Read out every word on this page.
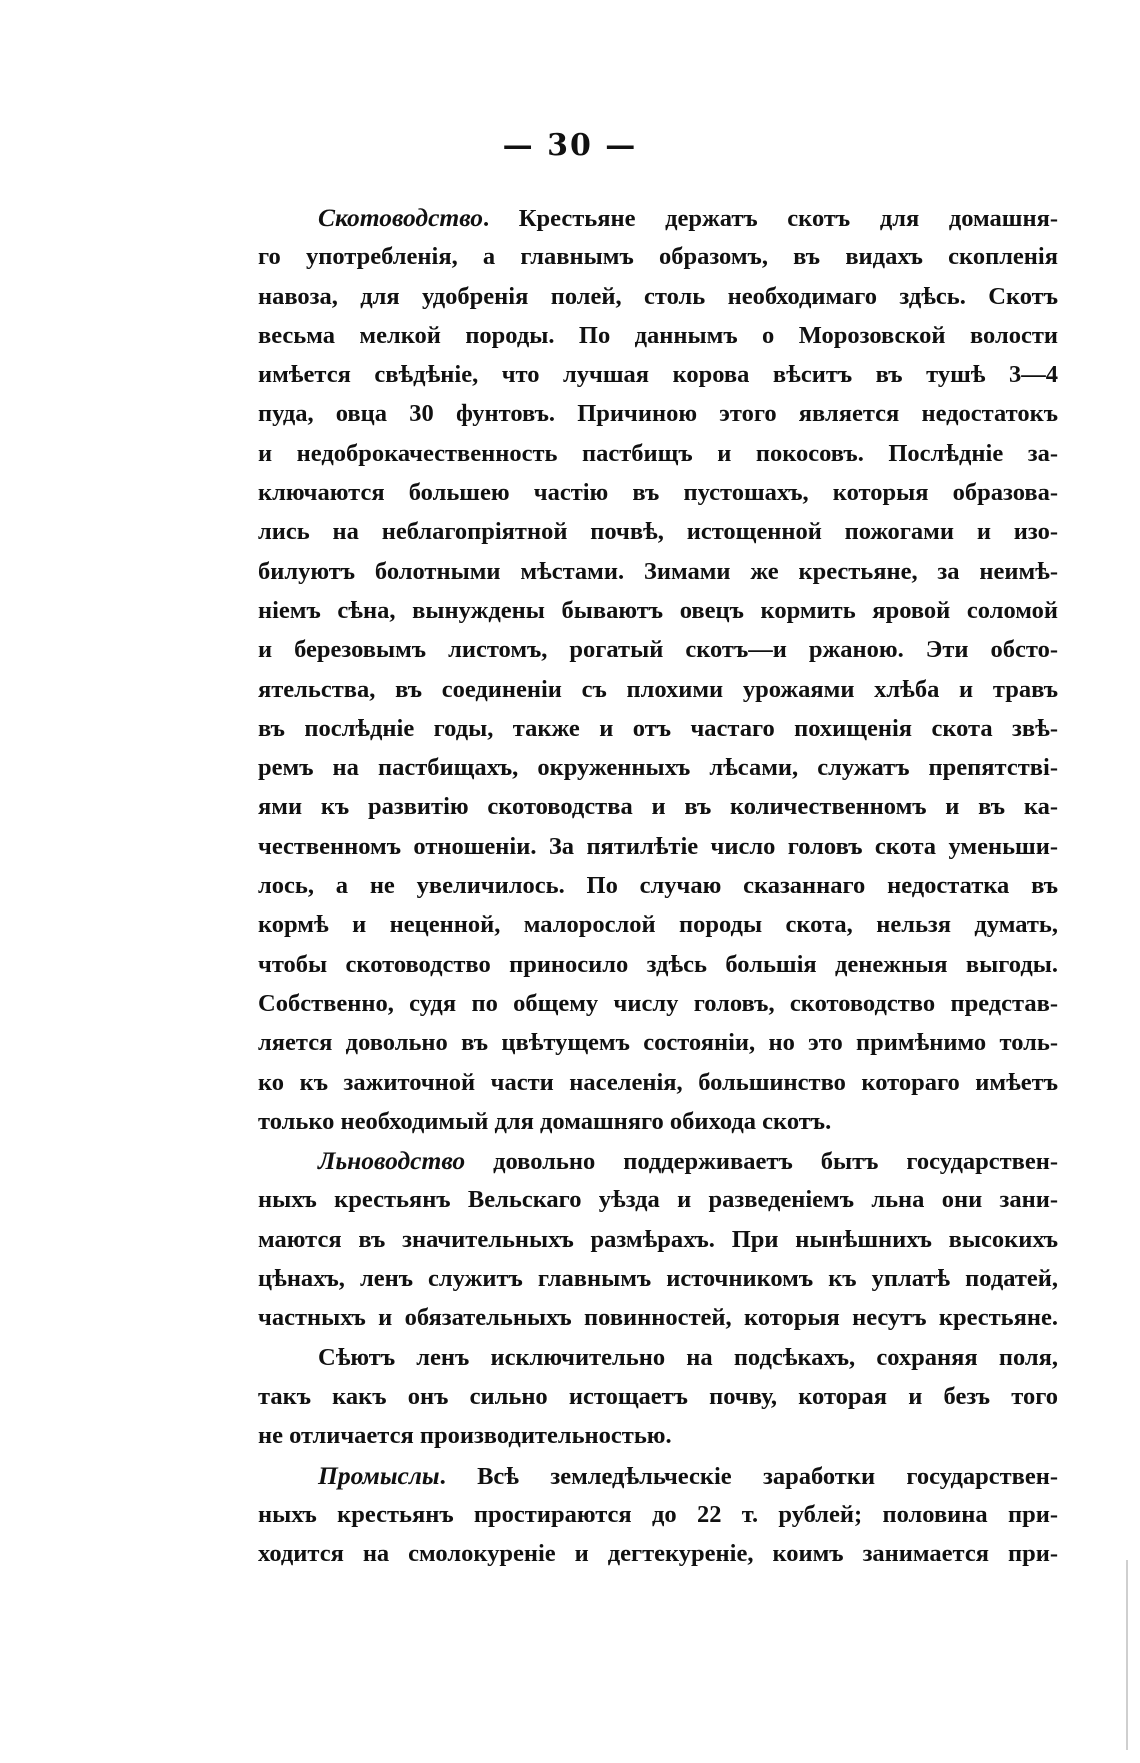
— 30 —
Скотоводство. Крестьяне держатъ скотъ для домашня-
го употребленія, а главнымъ образомъ, въ видахъ скопленія
навоза, для удобренія полей, столь необходимаго здѣсь. Скотъ
весьма мелкой породы. По даннымъ о Морозовской волости
имѣется свѣдѣніе, что лучшая корова вѣситъ въ тушѣ 3—4
пуда, овца 30 фунтовъ. Причиною этого является недостатокъ
и недоброкачественность пастбищъ и покосовъ. Послѣдніе за-
ключаются большею частію въ пустошахъ, которыя образова-
лись на неблагопріятной почвѣ, истощенной пожогами и изо-
билуютъ болотными мѣстами. Зимами же крестьяне, за неимѣ-
ніемъ сѣна, вынуждены бываютъ овецъ кормить яровой соломой
и березовымъ листомъ, рогатый скотъ—и ржаною. Эти обсто-
ятельства, въ соединеніи съ плохими урожаями хлѣба и травъ
въ послѣдніе годы, также и отъ частаго похищенія скота звѣ-
ремъ на пастбищахъ, окруженныхъ лѣсами, служатъ препятствi-
ями къ развитію скотоводства и въ количественномъ и въ ка-
чественномъ отношеніи. За пятилѣтіе число головъ скота уменьши-
лось, а не увеличилось. По случаю сказаннаго недостатка въ
кормѣ и неценной, малорослой породы скота, нельзя думать,
чтобы скотоводство приносило здѣсь большія денежныя выгоды.
Собственно, судя по общему числу головъ, скотоводство представ-
ляется довольно въ цвѣтущемъ состояніи, но это примѣнимо толь-
ко къ зажиточной части населенія, большинство котораго имѣетъ
только необходимый для домашняго обихода скотъ.
Льноводство довольно поддерживаетъ бытъ государствен-
ныхъ крестьянъ Вельскаго уѣзда и разведеніемъ льна они зани-
маются въ значительныхъ размѣрахъ. При нынѣшнихъ высокихъ
цѣнахъ, ленъ служитъ главнымъ источникомъ къ уплатѣ податей,
частныхъ и обязательныхъ повинностей, которыя несутъ крестьяне.
Сѣютъ ленъ исключительно на подсѣкахъ, сохраняя поля,
такъ какъ онъ сильно истощаетъ почву, которая и безъ того
не отличается производительностью.
Промыслы. Всѣ земледѣльческіе заработки государствен-
ныхъ крестьянъ простираются до 22 т. рублей; половина при-
ходится на смолокуреніе и дегтекуреніе, коимъ занимается при-
